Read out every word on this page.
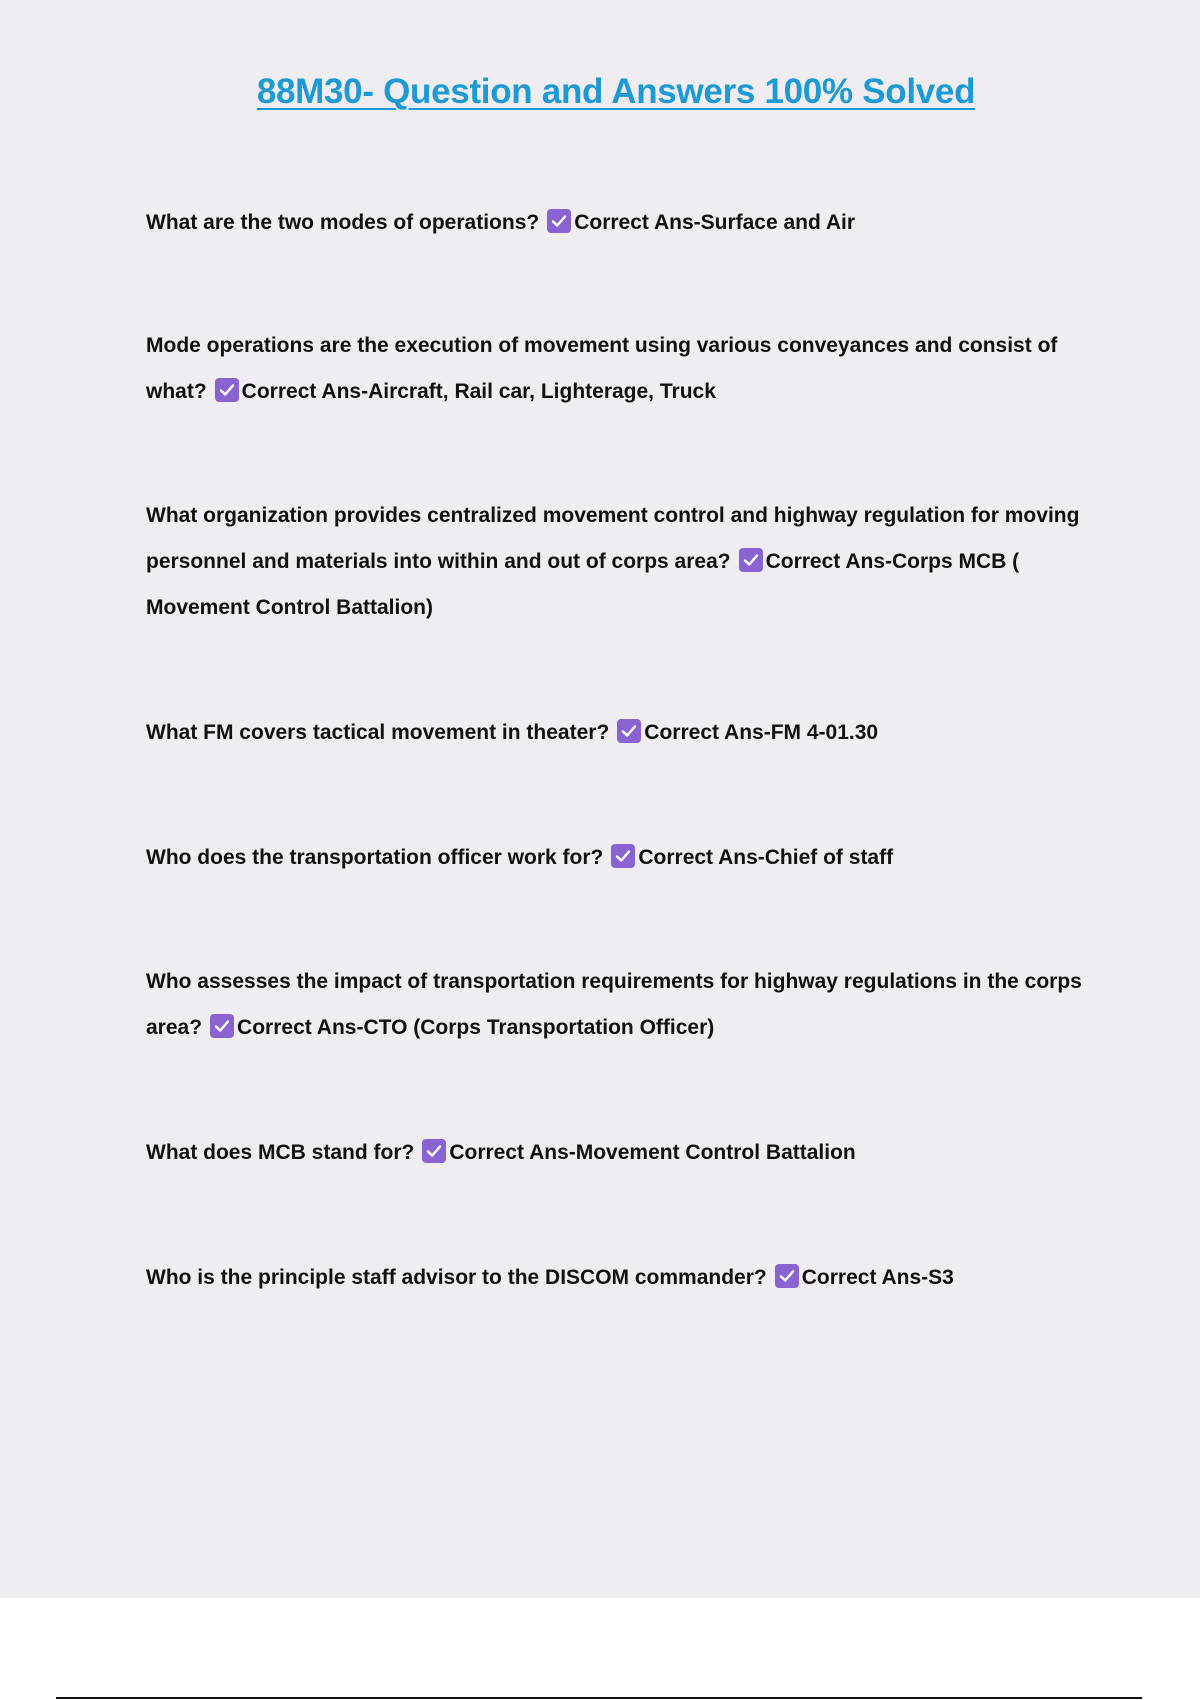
88M30- Question and Answers 100% Solved
What are the two modes of operations? Correct Ans-Surface and Air
Mode operations are the execution of movement using various conveyances and consist of what? Correct Ans-Aircraft, Rail car, Lighterage, Truck
What organization provides centralized movement control and highway regulation for moving personnel and materials into within and out of corps area? Correct Ans-Corps MCB ( Movement Control Battalion)
What FM covers tactical movement in theater? Correct Ans-FM 4-01.30
Who does the transportation officer work for? Correct Ans-Chief of staff
Who assesses the impact of transportation requirements for highway regulations in the corps area? Correct Ans-CTO (Corps Transportation Officer)
What does MCB stand for? Correct Ans-Movement Control Battalion
Who is the principle staff advisor to the DISCOM commander? Correct Ans-S3
